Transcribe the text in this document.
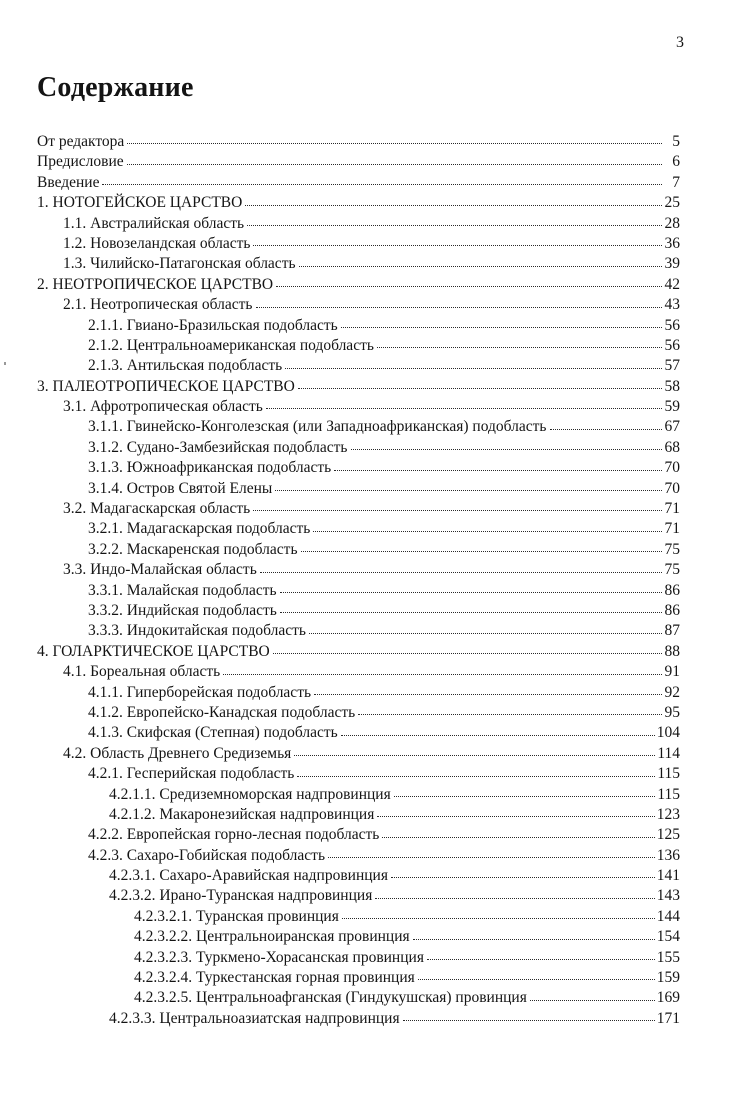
3
Содержание
От редактора	5
Предисловие	6
Введение	7
1. НОТОГЕЙСКОЕ ЦАРСТВО	25
1.1. Австралийская область	28
1.2. Новозеландская область	36
1.3. Чилийско-Патагонская область	39
2. НЕОТРОПИЧЕСКОЕ ЦАРСТВО	42
2.1. Неотропическая область	43
2.1.1. Гвиано-Бразильская подобласть	56
2.1.2. Центральноамериканская подобласть	56
2.1.3. Антильская подобласть	57
3. ПАЛЕОТРОПИЧЕСКОЕ ЦАРСТВО	58
3.1. Афротропическая область	59
3.1.1. Гвинейско-Конголезская (или Западноафриканская) подобласть	67
3.1.2. Судано-Замбезийская подобласть	68
3.1.3. Южноафриканская подобласть	70
3.1.4. Остров Святой Елены	70
3.2. Мадагаскарская область	71
3.2.1. Мадагаскарская подобласть	71
3.2.2. Маскаренская подобласть	75
3.3. Индо-Малайская область	75
3.3.1. Малайская подобласть	86
3.3.2. Индийская подобласть	86
3.3.3. Индокитайская подобласть	87
4. ГОЛАРКТИЧЕСКОЕ ЦАРСТВО	88
4.1. Бореальная область	91
4.1.1. Гиперборейская подобласть	92
4.1.2. Европейско-Канадская подобласть	95
4.1.3. Скифская (Степная) подобласть	104
4.2. Область Древнего Средиземья	114
4.2.1. Гесперийская подобласть	115
4.2.1.1. Средиземноморская надпровинция	115
4.2.1.2. Макаронезийская надпровинция	123
4.2.2. Европейская горно-лесная подобласть	125
4.2.3. Сахаро-Гобийская подобласть	136
4.2.3.1. Сахаро-Аравийская надпровинция	141
4.2.3.2. Ирано-Туранская надпровинция	143
4.2.3.2.1. Туранская провинция	144
4.2.3.2.2. Центральноиранская провинция	154
4.2.3.2.3. Туркмено-Хорасанская провинция	155
4.2.3.2.4. Туркестанская горная провинция	159
4.2.3.2.5. Центральноафганская (Гиндукушская) провинция	169
4.2.3.3. Центральноазиатская надпровинция	171
